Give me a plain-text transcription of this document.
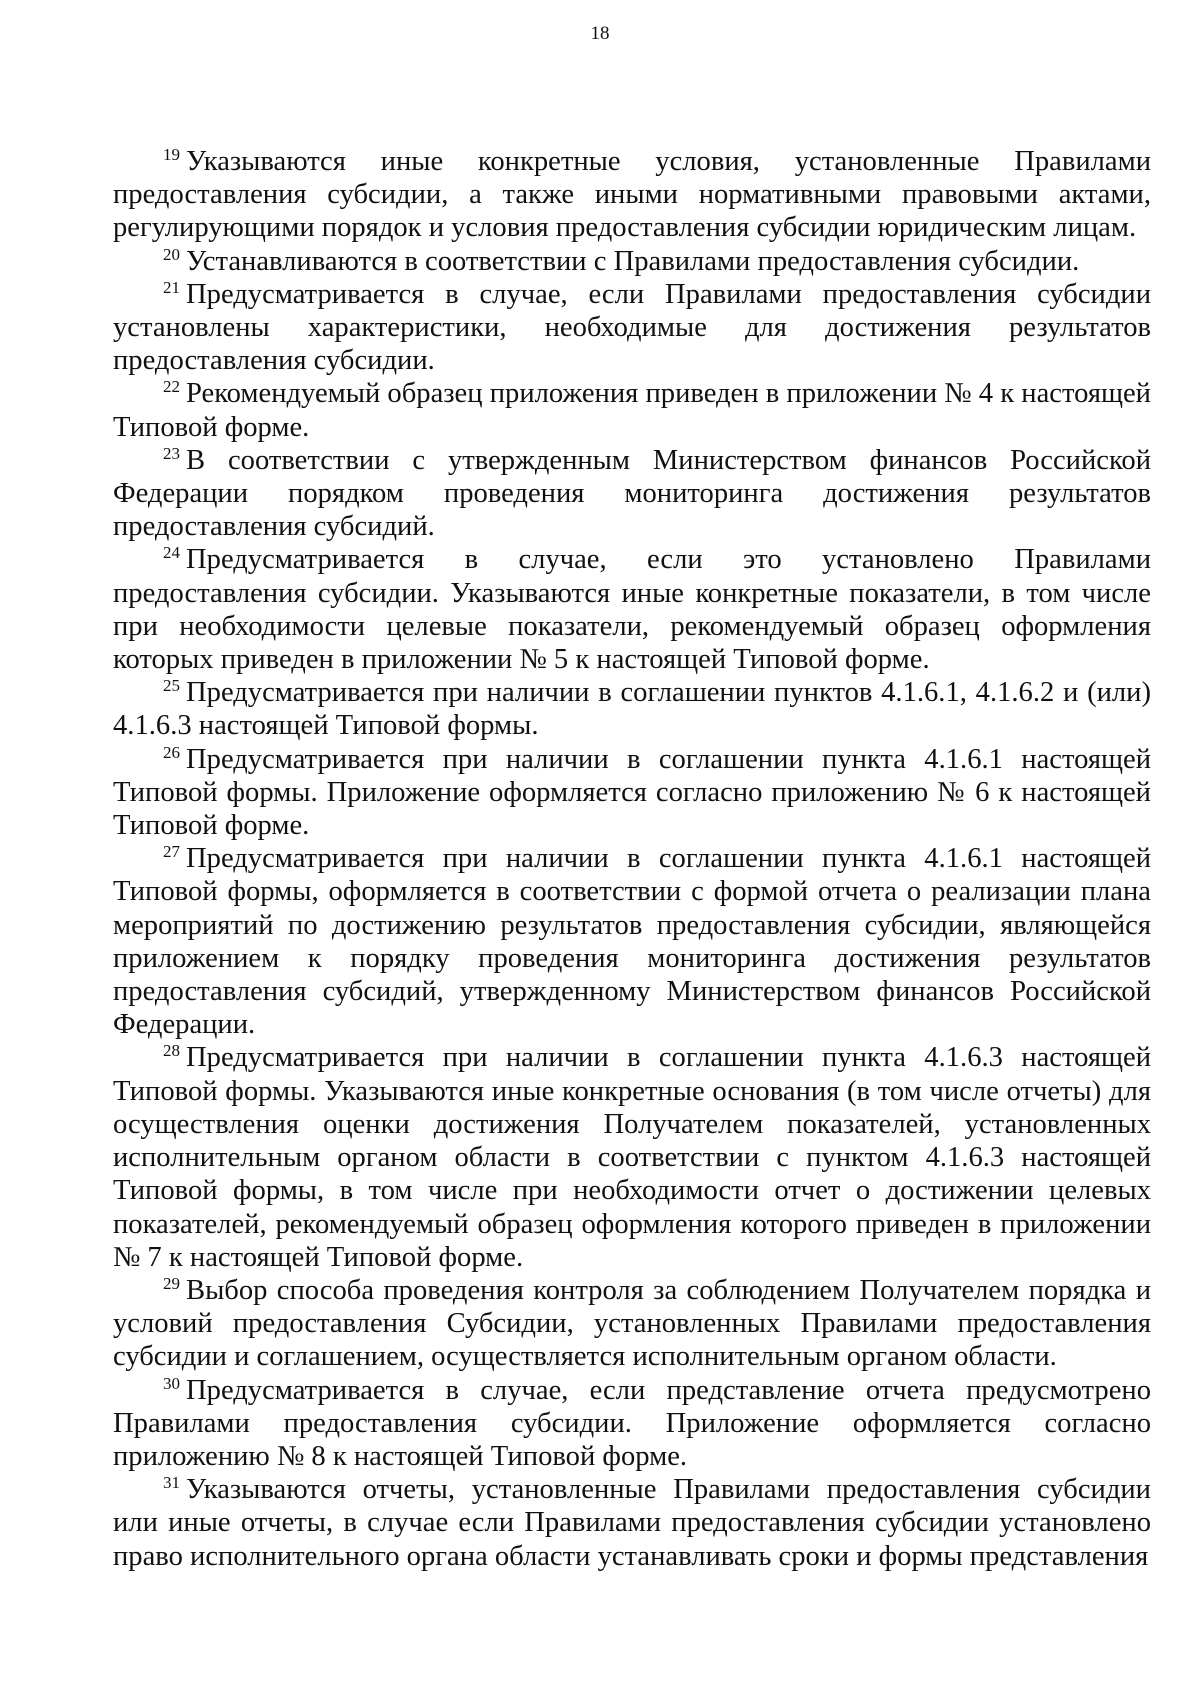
18

$^{19}$ Указываются иные конкретные условия, установленные Правилами предоставления субсидии, а также иными нормативными правовыми актами, регулирующими порядок и условия предоставления субсидии юридическим лицам.

$^{20}$ Устанавливаются в соответствии с Правилами предоставления субсидии.

$^{21}$ Предусматривается в случае, если Правилами предоставления субсидии установлены характеристики, необходимые для достижения результатов предоставления субсидии.

$^{22}$ Рекомендуемый образец приложения приведен в приложении № 4 к настоящей Типовой форме.

$^{23}$ В соответствии с утвержденным Министерством финансов Российской Федерации порядком проведения мониторинга достижения результатов предоставления субсидий.

$^{24}$ Предусматривается в случае, если это установлено Правилами предоставления субсидии. Указываются иные конкретные показатели, в том числе при необходимости целевые показатели, рекомендуемый образец оформления которых приведен в приложении № 5 к настоящей Типовой форме.

$^{25}$ Предусматривается при наличии в соглашении пунктов 4.1.6.1, 4.1.6.2 и (или) 4.1.6.3 настоящей Типовой формы.

$^{26}$ Предусматривается при наличии в соглашении пункта 4.1.6.1 настоящей Типовой формы. Приложение оформляется согласно приложению № 6 к настоящей Типовой форме.

$^{27}$ Предусматривается при наличии в соглашении пункта 4.1.6.1 настоящей Типовой формы, оформляется в соответствии с формой отчета о реализации плана мероприятий по достижению результатов предоставления субсидии, являющейся приложением к порядку проведения мониторинга достижения результатов предоставления субсидий, утвержденному Министерством финансов Российской Федерации.

$^{28}$ Предусматривается при наличии в соглашении пункта 4.1.6.3 настоящей Типовой формы. Указываются иные конкретные основания (в том числе отчеты) для осуществления оценки достижения Получателем показателей, установленных исполнительным органом области в соответствии с пунктом 4.1.6.3 настоящей Типовой формы, в том числе при необходимости отчет о достижении целевых показателей, рекомендуемый образец оформления которого приведен в приложении № 7 к настоящей Типовой форме.

$^{29}$ Выбор способа проведения контроля за соблюдением Получателем порядка и условий предоставления Субсидии, установленных Правилами предоставления субсидии и соглашением, осуществляется исполнительным органом области.

$^{30}$ Предусматривается в случае, если представление отчета предусмотрено Правилами предоставления субсидии. Приложение оформляется согласно приложению № 8 к настоящей Типовой форме.

$^{31}$ Указываются отчеты, установленные Правилами предоставления субсидии или иные отчеты, в случае если Правилами предоставления субсидии установлено право исполнительного органа области устанавливать сроки и формы представления
